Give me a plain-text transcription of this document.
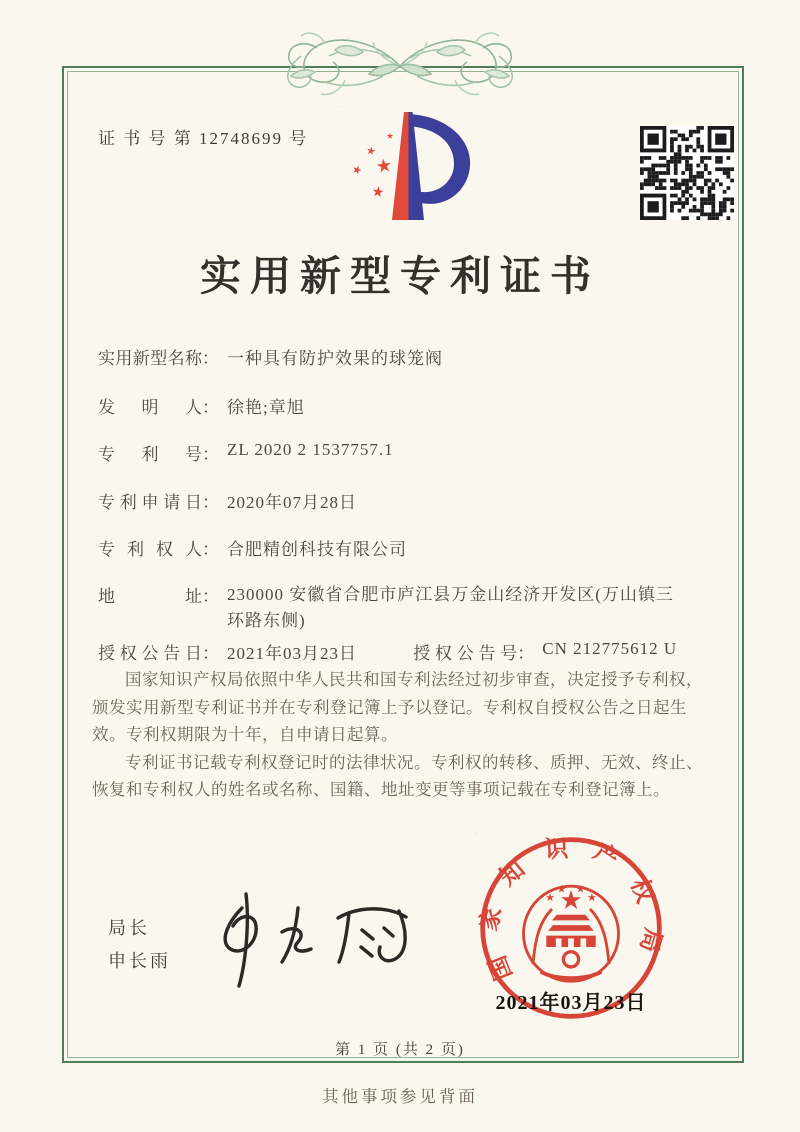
证 书 号 第 12748699 号
实用新型专利证书
实用新型名称： 一种具有防护效果的球笼阀
发明人： 徐艳;章旭
专利号： ZL 2020 2 1537757.1
专利申请日： 2020年07月28日
专利权人： 合肥精创科技有限公司
地址： 230000 安徽省合肥市庐江县万金山经济开发区(万山镇三
环路东侧)
授权公告日： 2021年03月23日	授权公告号： CN 212775612 U

国家知识产权局依照中华人民共和国专利法经过初步审查，决定授予专利权，颁发实用新型专利证书并在专利登记簿上予以登记。专利权自授权公告之日起生效。专利权期限为十年，自申请日起算。

专利证书记载专利权登记时的法律状况。专利权的转移、质押、无效、终止、恢复和专利权人的姓名或名称、国籍、地址变更等事项记载在专利登记簿上。

局长
申长雨	国家知识产权局
2021年03月23日
第 1 页 (共 2 页)
其他事项参见背面
